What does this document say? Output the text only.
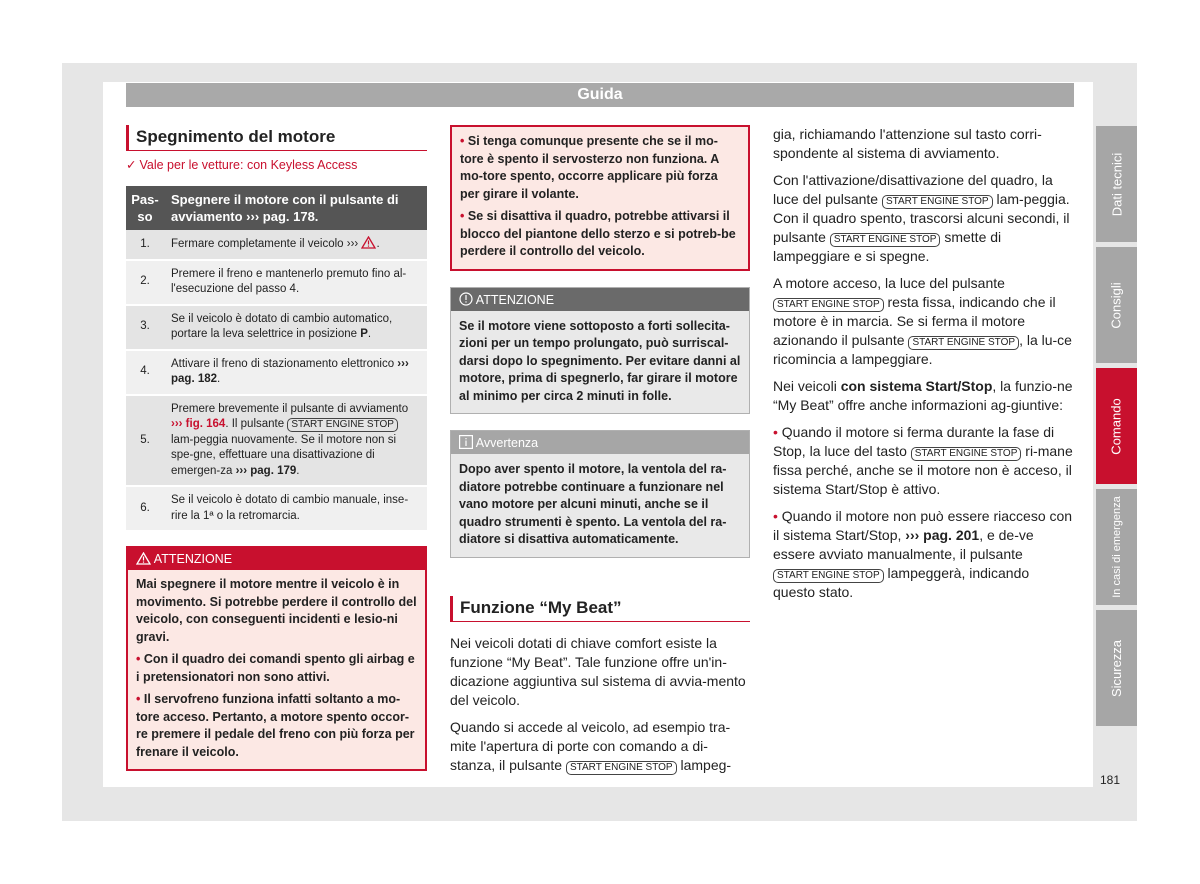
Guida
Spegnimento del motore
✓ Vale per le vetture: con Keyless Access
Pas-so	Spegnere il motore con il pulsante di avviamento ››› pag. 178.
1.	Fermare completamente il veicolo ››› .
2.	Premere il freno e mantenerlo premuto fino al-l'esecuzione del passo 4.
3.	Se il veicolo è dotato di cambio automatico, portare la leva selettrice in posizione P.
4.	Attivare il freno di stazionamento elettronico ››› pag. 182.
5.	Premere brevemente il pulsante di avviamento ››› fig. 164. Il pulsante START ENGINE STOP lam-peggia nuovamente. Se il motore non si spe-gne, effettuare una disattivazione di emergen-za ››› pag. 179.
6.	Se il veicolo è dotato di cambio manuale, inse-rire la 1ª o la retromarcia.
ATTENZIONE

Mai spegnere il motore mentre il veicolo è in movimento. Si potrebbe perdere il controllo del veicolo, con conseguenti incidenti e lesio-ni gravi.

• Con il quadro dei comandi spento gli airbag e i pretensionatori non sono attivi.

• Il servofreno funziona infatti soltanto a mo-tore acceso. Pertanto, a motore spento occor-re premere il pedale del freno con più forza per frenare il veicolo.

• Si tenga comunque presente che se il mo-tore è spento il servosterzo non funziona. A mo-tore spento, occorre applicare più forza per girare il volante.

• Se si disattiva il quadro, potrebbe attivarsi il blocco del piantone dello sterzo e si potreb-be perdere il controllo del veicolo.

ATTENZIONE
Se il motore viene sottoposto a forti sollecita-zioni per un tempo prolungato, può surriscal-darsi dopo lo spegnimento. Per evitare danni al motore, prima di spegnerlo, far girare il motore al minimo per circa 2 minuti in folle.
Avvertenza
Dopo aver spento il motore, la ventola del ra-diatore potrebbe continuare a funzionare nel vano motore per alcuni minuti, anche se il quadro strumenti è spento. La ventola del ra-diatore si disattiva automaticamente.
Funzione “My Beat”

Nei veicoli dotati di chiave comfort esiste la funzione “My Beat”. Tale funzione offre un'in-dicazione aggiuntiva sul sistema di avvia-mento del veicolo.

Quando si accede al veicolo, ad esempio tra-mite l'apertura di porte con comando a di-stanza, il pulsante START ENGINE STOP lampeg-

gia, richiamando l'attenzione sul tasto corri-spondente al sistema di avviamento.

Con l'attivazione/disattivazione del quadro, la luce del pulsante START ENGINE STOP lam-peggia. Con il quadro spento, trascorsi alcuni secondi, il pulsante START ENGINE STOP smette di lampeggiare e si spegne.

A motore acceso, la luce del pulsante START ENGINE STOP resta fissa, indicando che il motore è in marcia. Se si ferma il motore azionando il pulsante START ENGINE STOP , la lu-ce ricomincia a lampeggiare.

Nei veicoli con sistema Start/Stop, la funzio-ne “My Beat” offre anche informazioni ag-giuntive:

• Quando il motore si ferma durante la fase di Stop, la luce del tasto START ENGINE STOP ri-mane fissa perché, anche se il motore non è acceso, il sistema Start/Stop è attivo.

• Quando il motore non può essere riacceso con il sistema Start/Stop, ››› pag. 201, e de-ve essere avviato manualmente, il pulsante START ENGINE STOP lampeggerà, indicando questo stato.

Dati tecnici
Consigli
Comando
In casi di emergenza
Sicurezza
181
